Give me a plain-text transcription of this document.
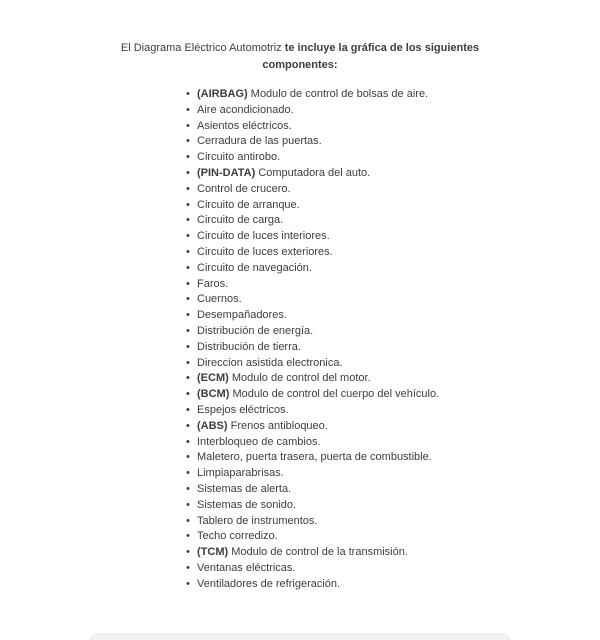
El Diagrama Eléctrico Automotriz te incluye la gráfica de los siguientes componentes:
• (AIRBAG) Modulo de control de bolsas de aire.
• Aire acondicionado.
• Asientos eléctricos.
• Cerradura de las puertas.
• Circuito antirobo.
• (PIN-DATA) Computadora del auto.
• Control de crucero.
• Circuito de arranque.
• Circuito de carga.
• Circuito de luces interiores.
• Circuito de luces exteriores.
• Circuito de navegación.
• Faros.
• Cuernos.
• Desempañadores.
• Distribución de energía.
• Distribución de tierra.
• Direccion asistida electronica.
• (ECM) Modulo de control del motor.
• (BCM) Modulo de control del cuerpo del vehículo.
• Espejos eléctricos.
• (ABS) Frenos antibloqueo.
• Interbloqueo de cambios.
• Maletero, puerta trasera, puerta de combustible.
• Limpiaparabrisas.
• Sistemas de alerta.
• Sistemas de sonido.
• Tablero de instrumentos.
• Techo corredizo.
• (TCM) Modulo de control de la transmisión.
• Ventanas eléctricas.
• Ventiladores de refrigeración.
